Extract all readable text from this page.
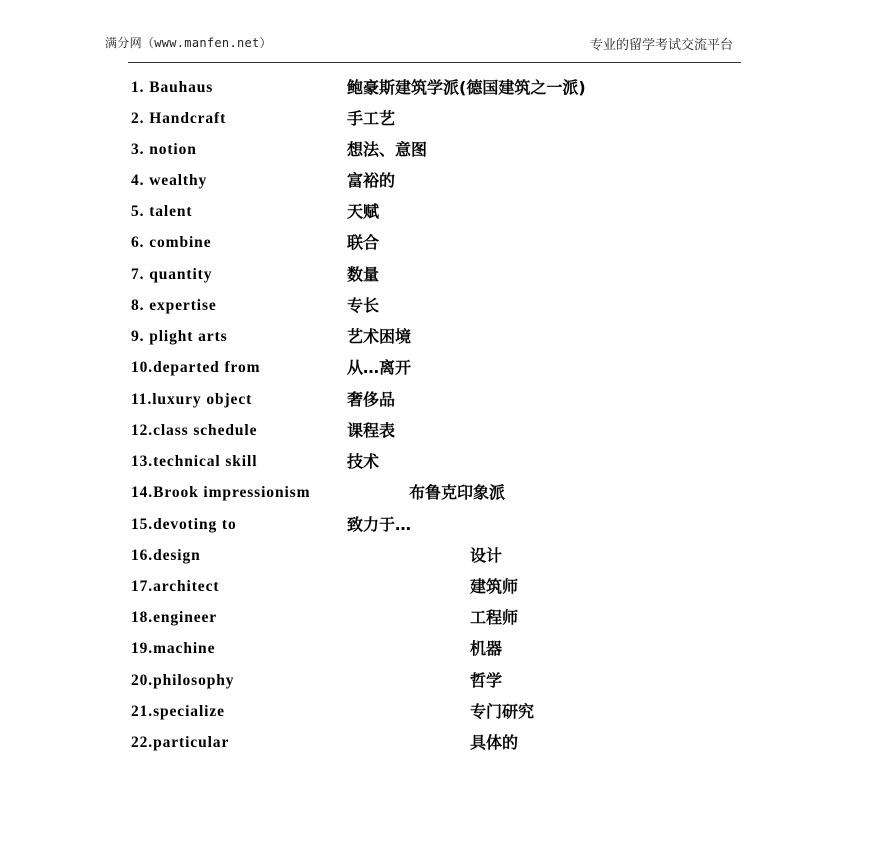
满分网（www.manfen.net）	专业的留学考试交流平台
1. Bauhaus	鲍豪斯建筑学派(德国建筑之一派)
2. Handcraft	手工艺
3. notion	想法、意图
4. wealthy	富裕的
5. talent	天赋
6. combine	联合
7. quantity	数量
8. expertise	专长
9. plight arts	艺术困境
10.departed from	从…离开
11.luxury object	奢侈品
12.class schedule	课程表
13.technical skill	技术
14.Brook impressionism	布鲁克印象派
15.devoting to	致力于…
16.design	设计
17.architect	建筑师
18.engineer	工程师
19.machine	机器
20.philosophy	哲学
21.specialize	专门研究
22.particular	具体的
